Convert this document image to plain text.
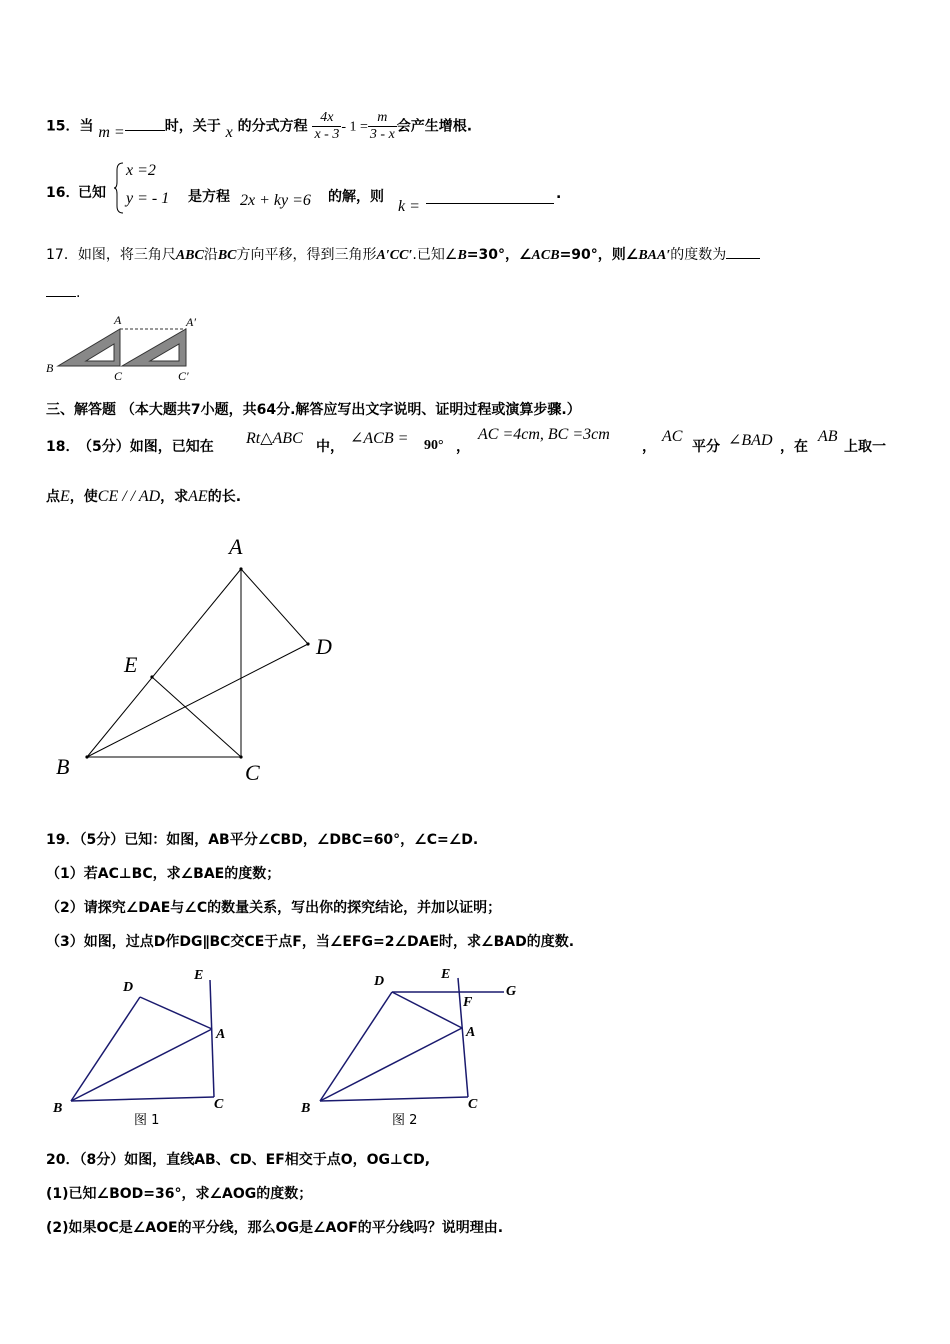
15．当 m =	时，关于 x 的分式方程 $\frac{4x}{x - 3} - 1 = \frac{m}{3 - x}$ 会产生增根.
16．
已知
x =2
y = - 1 是方程 2x + ky =6 的解，则
k =
.
17．如图，将三角尺ABC沿BC方向平移，得到三角形A′CC′.已知∠B=30°，∠ACB=90°，则∠BAA′的度数为
.
A	A′
B
C	C′
三、解答题 （本大题共7小题，共64分.解答应写出文字说明、证明过程或演算步骤.）
18．
（5分）如图，已知在 Rt△ABC 中， ∠ACB = 90° ，
AC =4cm, BC =3cm
，
AC
平分 ∠BAD ，在
AB
上取一
点E，使CE / / AD，求AE的长.
A
D
E
B	C
19．（5分）已知：如图，AB平分∠CBD，∠DBC=60°，∠C=∠D.
（1）若AC⊥BC，求∠BAE的度数；
（2）请探究∠DAE与∠C的数量关系，写出你的探究结论，并加以证明；
（3）如图，过点D作DG∥BC交CE于点F，当∠EFG=2∠DAE时，求∠BAD的度数.
D
E
A
B	C
图 1
D	E
G
F
A
B	C
图 2
20．（8分）如图，直线AB、CD、EF相交于点O，OG⊥CD,
(1)已知∠BOD=36°，求∠AOG的度数；
(2)如果OC是∠AOE的平分线，那么OG是∠AOF的平分线吗？说明理由.
